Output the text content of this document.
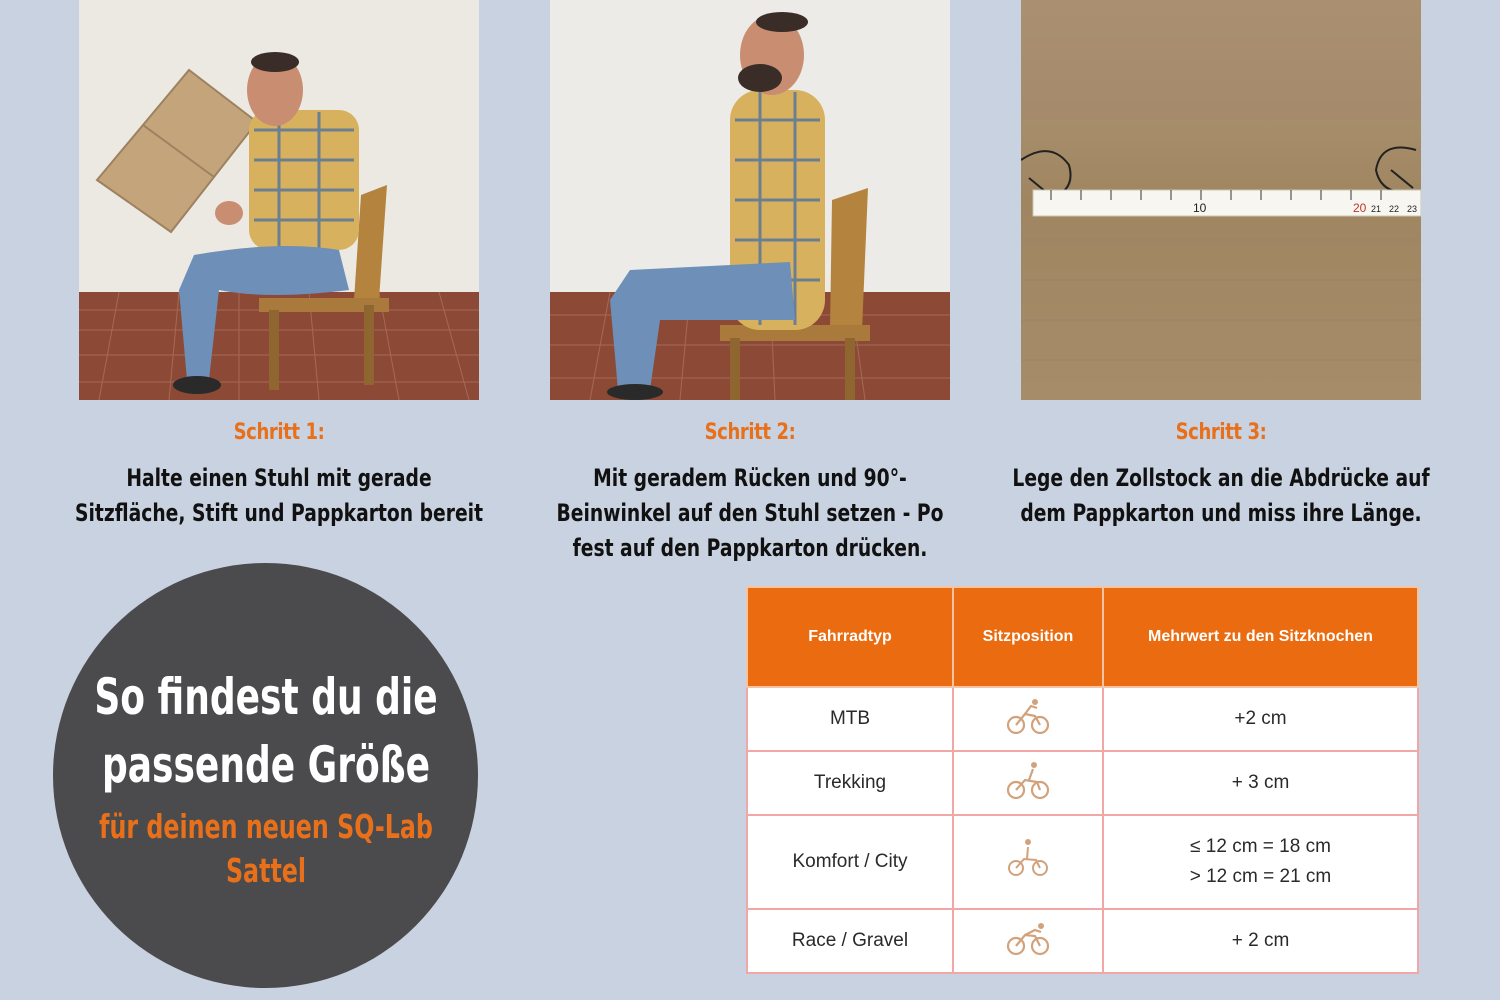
10	20 21 22 23
Schritt 1:
Halte einen Stuhl mit gerade Sitzfläche, Stift und Pappkarton bereit
Schritt 2:
Mit geradem Rücken und 90°-Beinwinkel auf den Stuhl setzen - Po fest auf den Pappkarton drücken.
Schritt 3:
Lege den Zollstock an die Abdrücke auf dem Pappkarton und miss ihre Länge.
So findest du die
passende Größe
für deinen neuen SQ-Lab
Sattel
Fahrradtyp	Sitzposition	Mehrwert zu den Sitzknochen
MTB		+2 cm
Trekking		+ 3 cm
Komfort / City		≤ 12 cm = 18 cm
> 12 cm = 21 cm

Race / Gravel		+ 2 cm
